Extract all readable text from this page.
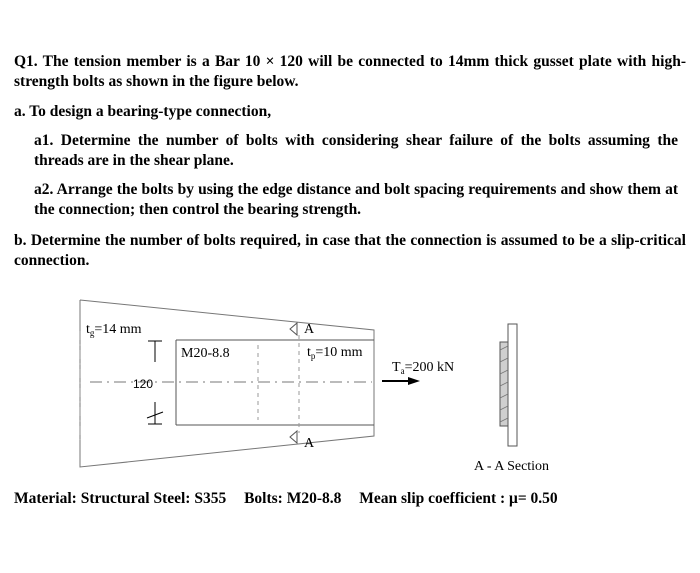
Q1. The tension member is a Bar 10 × 120 will be connected to 14mm thick gusset plate with high-strength bolts as shown in the figure below.
a. To design a bearing-type connection,
a1. Determine the number of bolts with considering shear failure of the bolts assuming the threads are in the shear plane.
a2. Arrange the bolts by using the edge distance and bolt spacing requirements and show them at the connection; then control the bearing strength.
b. Determine the number of bolts required, in case that the connection is assumed to be a slip-critical connection.
$t_g=14$ mm
M20-8.8
120
$t_p=10$ mm
$T_a=200$ kN
A
A
A - A Section
Material: Structural Steel: S355 Bolts: M20-8.8 Mean slip coefficient : μ= 0.50
